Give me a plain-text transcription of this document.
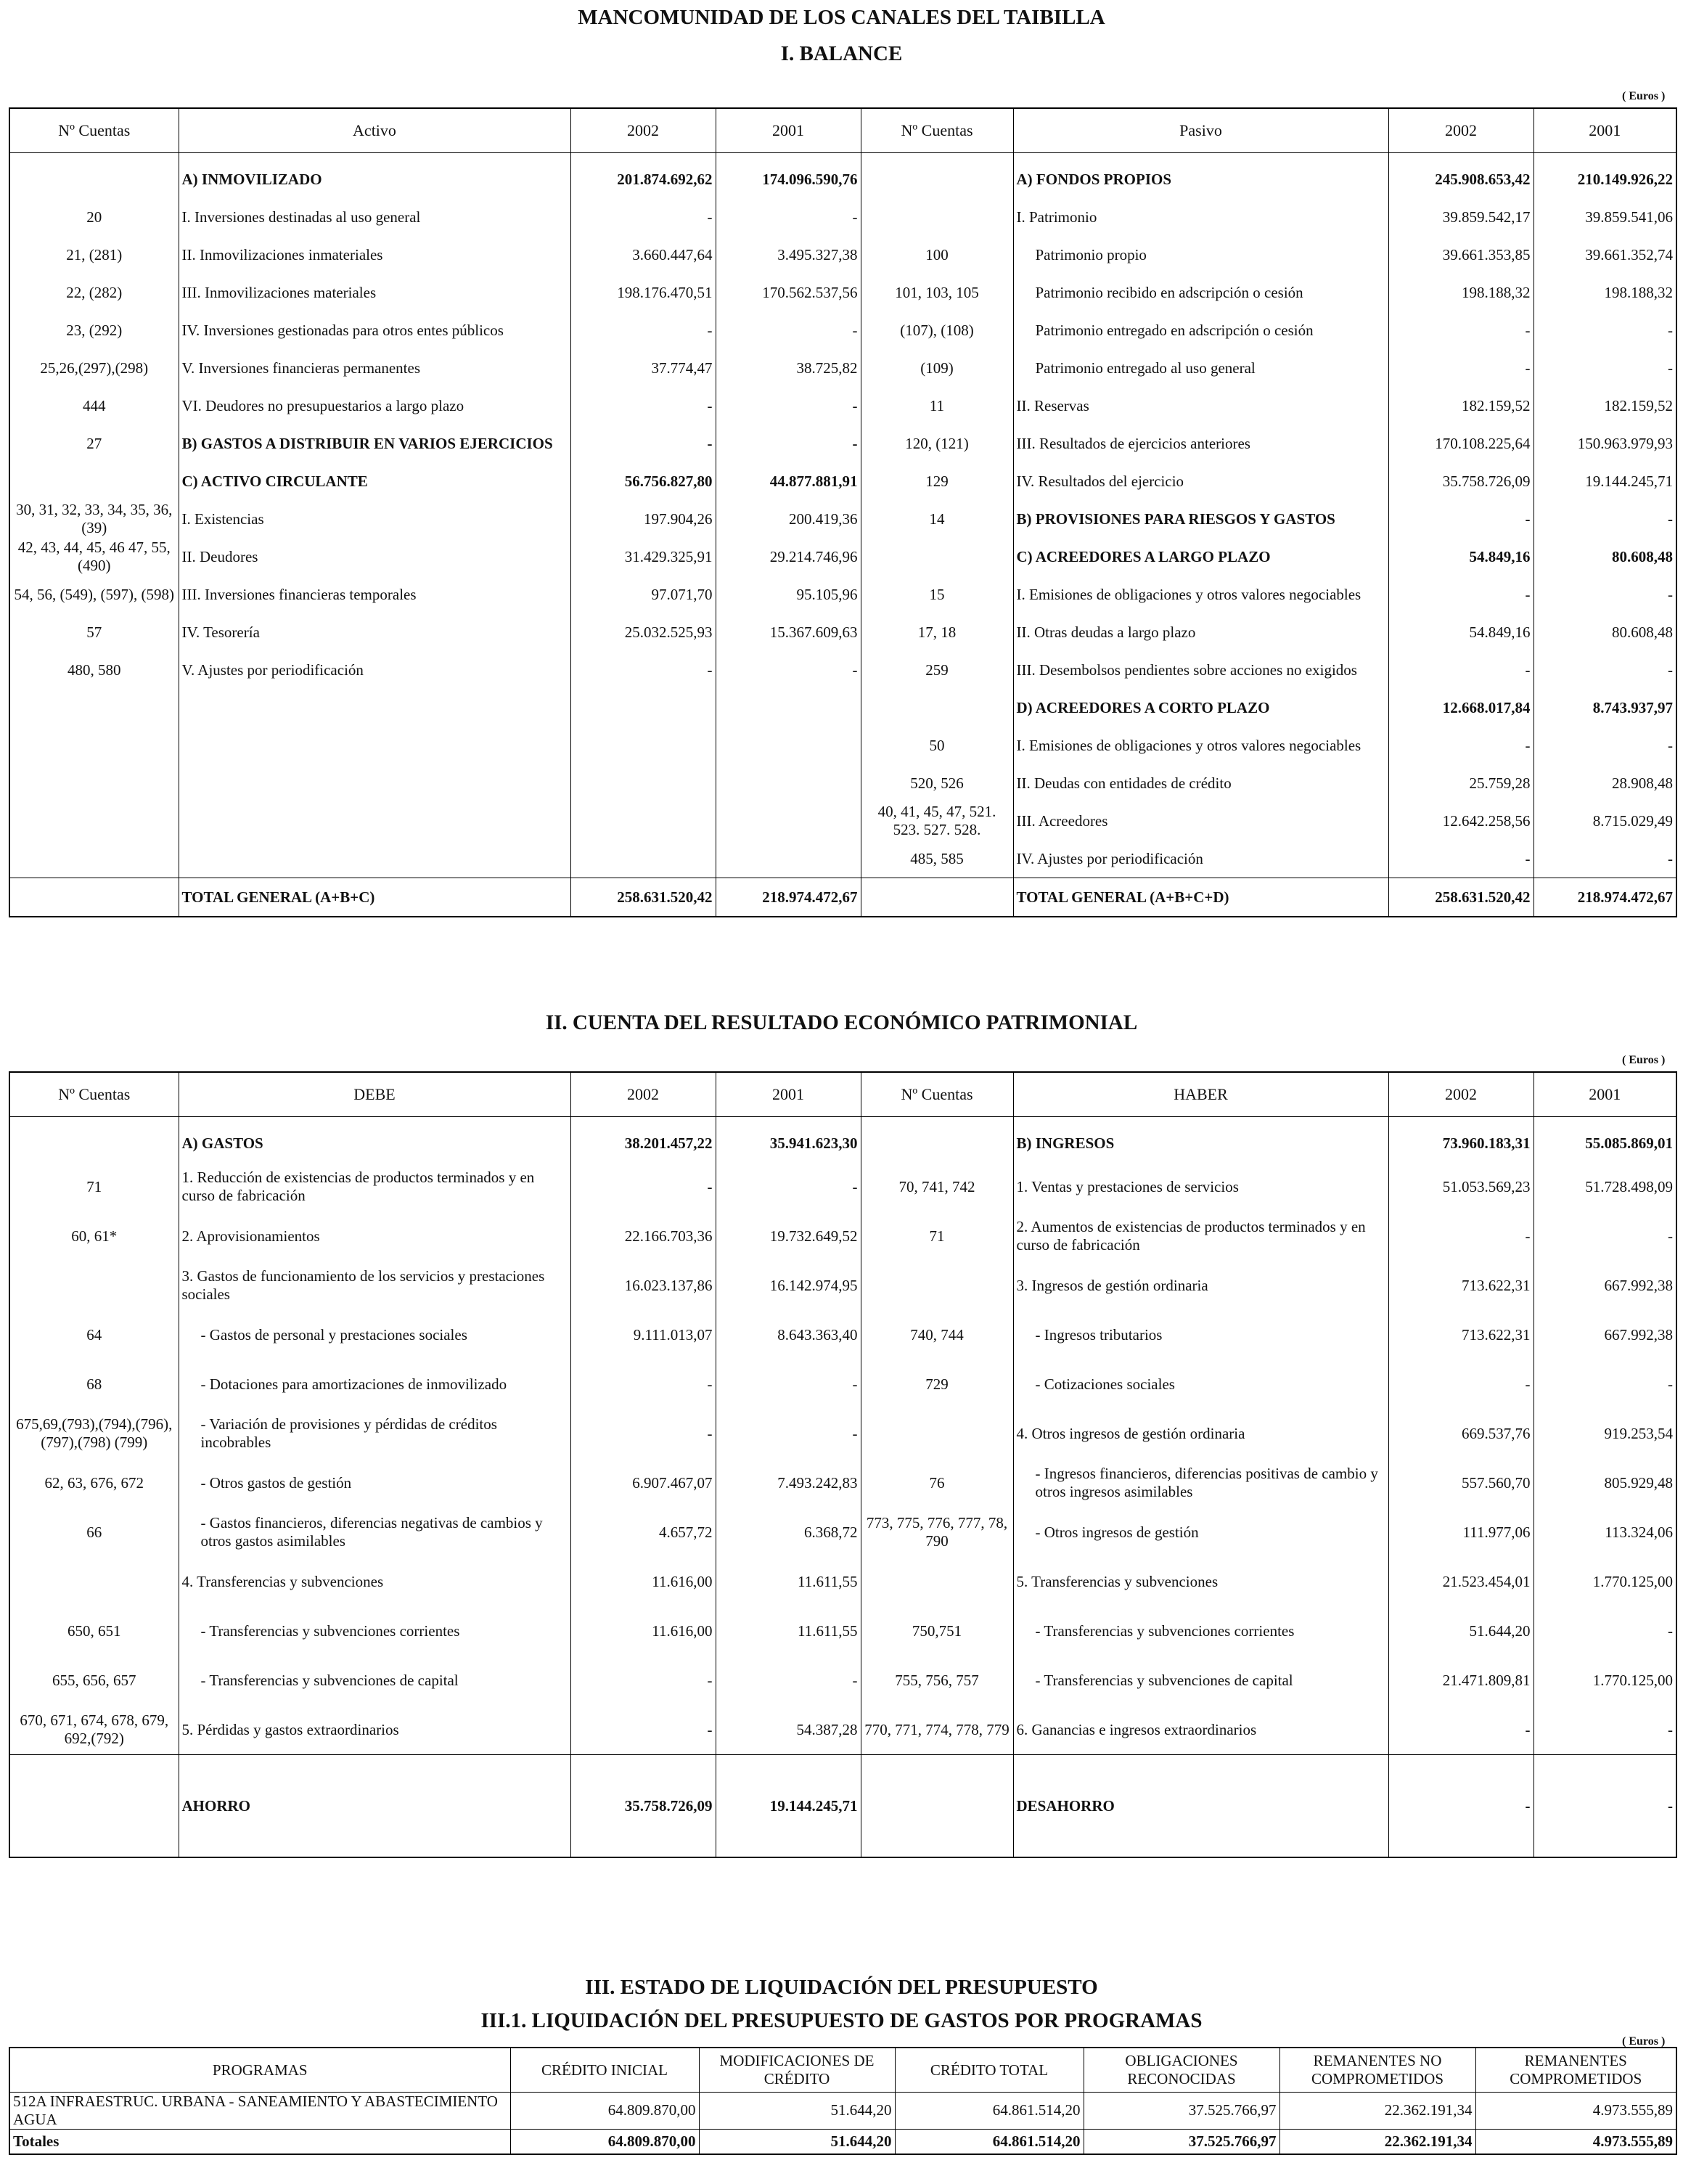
MANCOMUNIDAD DE LOS CANALES DEL TAIBILLA
I. BALANCE
( Euros )
Nº Cuentas	Activo	2002	2001	Nº Cuentas	Pasivo	2002	2001

	A) INMOVILIZADO	201.874.692,62	174.096.590,76		A) FONDOS PROPIOS	245.908.653,42	210.149.926,22
20	I. Inversiones destinadas al uso general	-	-		I. Patrimonio	39.859.542,17	39.859.541,06
21, (281)	II. Inmovilizaciones inmateriales	3.660.447,64	3.495.327,38	100	Patrimonio propio	39.661.353,85	39.661.352,74
22, (282)	III. Inmovilizaciones materiales	198.176.470,51	170.562.537,56	101, 103, 105	Patrimonio recibido en adscripción o cesión	198.188,32	198.188,32
23, (292)	IV. Inversiones gestionadas para otros entes públicos	-	-	(107), (108)	Patrimonio entregado en adscripción o cesión	-	-
25,26,(297),(298)	V. Inversiones financieras permanentes	37.774,47	38.725,82	(109)	Patrimonio entregado al uso general	-	-
444	VI. Deudores no presupuestarios a largo plazo	-	-	11	II. Reservas	182.159,52	182.159,52
27	B) GASTOS A DISTRIBUIR EN VARIOS EJERCICIOS	-	-	120, (121)	III. Resultados de ejercicios anteriores	170.108.225,64	150.963.979,93
	C) ACTIVO CIRCULANTE	56.756.827,80	44.877.881,91	129	IV. Resultados del ejercicio	35.758.726,09	19.144.245,71
30, 31, 32, 33, 34, 35, 36, (39)	I. Existencias	197.904,26	200.419,36	14	B) PROVISIONES PARA RIESGOS Y GASTOS	-	-
42, 43, 44, 45, 46 47, 55, (490)	II. Deudores	31.429.325,91	29.214.746,96		C) ACREEDORES A LARGO PLAZO	54.849,16	80.608,48
54, 56, (549), (597), (598)	III. Inversiones financieras temporales	97.071,70	95.105,96	15	I. Emisiones de obligaciones y otros valores negociables	-	-
57	IV. Tesorería	25.032.525,93	15.367.609,63	17, 18	II. Otras deudas a largo plazo	54.849,16	80.608,48
480, 580	V. Ajustes por periodificación	-	-	259	III. Desembolsos pendientes sobre acciones no exigidos	-	-
					D) ACREEDORES A CORTO PLAZO	12.668.017,84	8.743.937,97
				50	I. Emisiones de obligaciones y otros valores negociables	-	-
				520, 526	II. Deudas con entidades de crédito	25.759,28	28.908,48
				40, 41, 45, 47, 521. 523. 527. 528.	III. Acreedores	12.642.258,56	8.715.029,49
				485, 585	IV. Ajustes por periodificación	-	-
	TOTAL GENERAL (A+B+C)	258.631.520,42	218.974.472,67		TOTAL GENERAL (A+B+C+D)	258.631.520,42	218.974.472,67
II. CUENTA DEL RESULTADO ECONÓMICO PATRIMONIAL
( Euros )
Nº Cuentas	DEBE	2002	2001	Nº Cuentas	HABER	2002	2001

	A) GASTOS	38.201.457,22	35.941.623,30		B) INGRESOS	73.960.183,31	55.085.869,01
71	1. Reducción de existencias de productos terminados y en curso de fabricación	-	-	70, 741, 742	1. Ventas y prestaciones de servicios	51.053.569,23	51.728.498,09
60, 61*	2. Aprovisionamientos	22.166.703,36	19.732.649,52	71	2. Aumentos de existencias de productos terminados y en curso de fabricación	-	-
	3. Gastos de funcionamiento de los servicios y prestaciones sociales	16.023.137,86	16.142.974,95		3. Ingresos de gestión ordinaria	713.622,31	667.992,38
64	- Gastos de personal y prestaciones sociales	9.111.013,07	8.643.363,40	740, 744	- Ingresos tributarios	713.622,31	667.992,38
68	- Dotaciones para amortizaciones de inmovilizado	-	-	729	- Cotizaciones sociales	-	-
675,69,(793),(794),(796),(797),(798) (799)	- Variación de provisiones y pérdidas de créditos incobrables	-	-		4. Otros ingresos de gestión ordinaria	669.537,76	919.253,54
62, 63, 676, 672	- Otros gastos de gestión	6.907.467,07	7.493.242,83	76	- Ingresos financieros, diferencias positivas de cambio y otros ingresos asimilables	557.560,70	805.929,48
66	- Gastos financieros, diferencias negativas de cambios y otros gastos asimilables	4.657,72	6.368,72	773, 775, 776, 777, 78, 790	- Otros ingresos de gestión	111.977,06	113.324,06
	4. Transferencias y subvenciones	11.616,00	11.611,55		5. Transferencias y subvenciones	21.523.454,01	1.770.125,00
650, 651	- Transferencias y subvenciones corrientes	11.616,00	11.611,55	750,751	- Transferencias y subvenciones corrientes	51.644,20	-
655, 656, 657	- Transferencias y subvenciones de capital	-	-	755, 756, 757	- Transferencias y subvenciones de capital	21.471.809,81	1.770.125,00
670, 671, 674, 678, 679, 692,(792)	5. Pérdidas y gastos extraordinarios	-	54.387,28	770, 771, 774, 778, 779	6. Ganancias e ingresos extraordinarios	-	-
	AHORRO	35.758.726,09	19.144.245,71		DESAHORRO	-	-
III. ESTADO DE LIQUIDACIÓN DEL PRESUPUESTO
III.1. LIQUIDACIÓN DEL PRESUPUESTO DE GASTOS POR PROGRAMAS
( Euros )
PROGRAMAS	CRÉDITO INICIAL	MODIFICACIONES DE CRÉDITO	CRÉDITO TOTAL	OBLIGACIONES RECONOCIDAS	REMANENTES NO COMPROMETIDOS	REMANENTES COMPROMETIDOS
512A INFRAESTRUC. URBANA - SANEAMIENTO Y ABASTECIMIENTO AGUA	64.809.870,00	51.644,20	64.861.514,20	37.525.766,97	22.362.191,34	4.973.555,89
Totales	64.809.870,00	51.644,20	64.861.514,20	37.525.766,97	22.362.191,34	4.973.555,89
